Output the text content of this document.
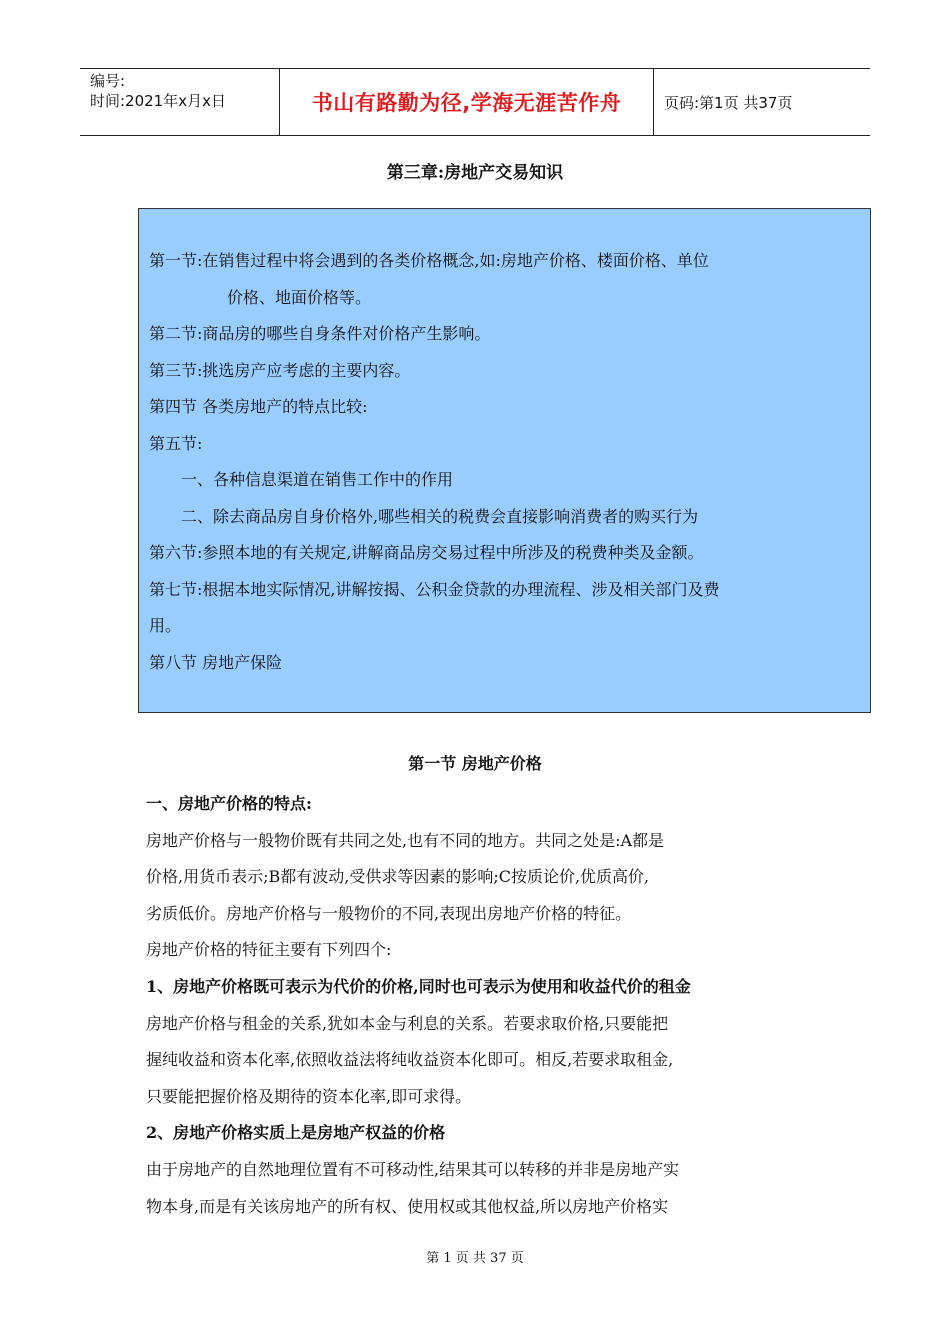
编号:
时间:2021年x月x日	书山有路勤为径,学海无涯苦作舟	页码:第1页 共37页
第三章:房地产交易知识

第一节:在销售过程中将会遇到的各类价格概念,如:房地产价格、楼面价格、单位

价格、地面价格等。

第二节:商品房的哪些自身条件对价格产生影响。

第三节:挑选房产应考虑的主要内容。

第四节 各类房地产的特点比较:

第五节:

一、各种信息渠道在销售工作中的作用

二、除去商品房自身价格外,哪些相关的税费会直接影响消费者的购买行为

第六节:参照本地的有关规定,讲解商品房交易过程中所涉及的税费种类及金额。

第七节:根据本地实际情况,讲解按揭、公积金贷款的办理流程、涉及相关部门及费

用。

第八节 房地产保险

第一节 房地产价格

一、房地产价格的特点:

房地产价格与一般物价既有共同之处,也有不同的地方。共同之处是:A都是

价格,用货币表示;B都有波动,受供求等因素的影响;C按质论价,优质高价,

劣质低价。房地产价格与一般物价的不同,表现出房地产价格的特征。

房地产价格的特征主要有下列四个:

1、房地产价格既可表示为代价的价格,同时也可表示为使用和收益代价的租金

房地产价格与租金的关系,犹如本金与利息的关系。若要求取价格,只要能把

握纯收益和资本化率,依照收益法将纯收益资本化即可。相反,若要求取租金,

只要能把握价格及期待的资本化率,即可求得。

2、房地产价格实质上是房地产权益的价格

由于房地产的自然地理位置有不可移动性,结果其可以转移的并非是房地产实

物本身,而是有关该房地产的所有权、使用权或其他权益,所以房地产价格实

第 1 页 共 37 页
